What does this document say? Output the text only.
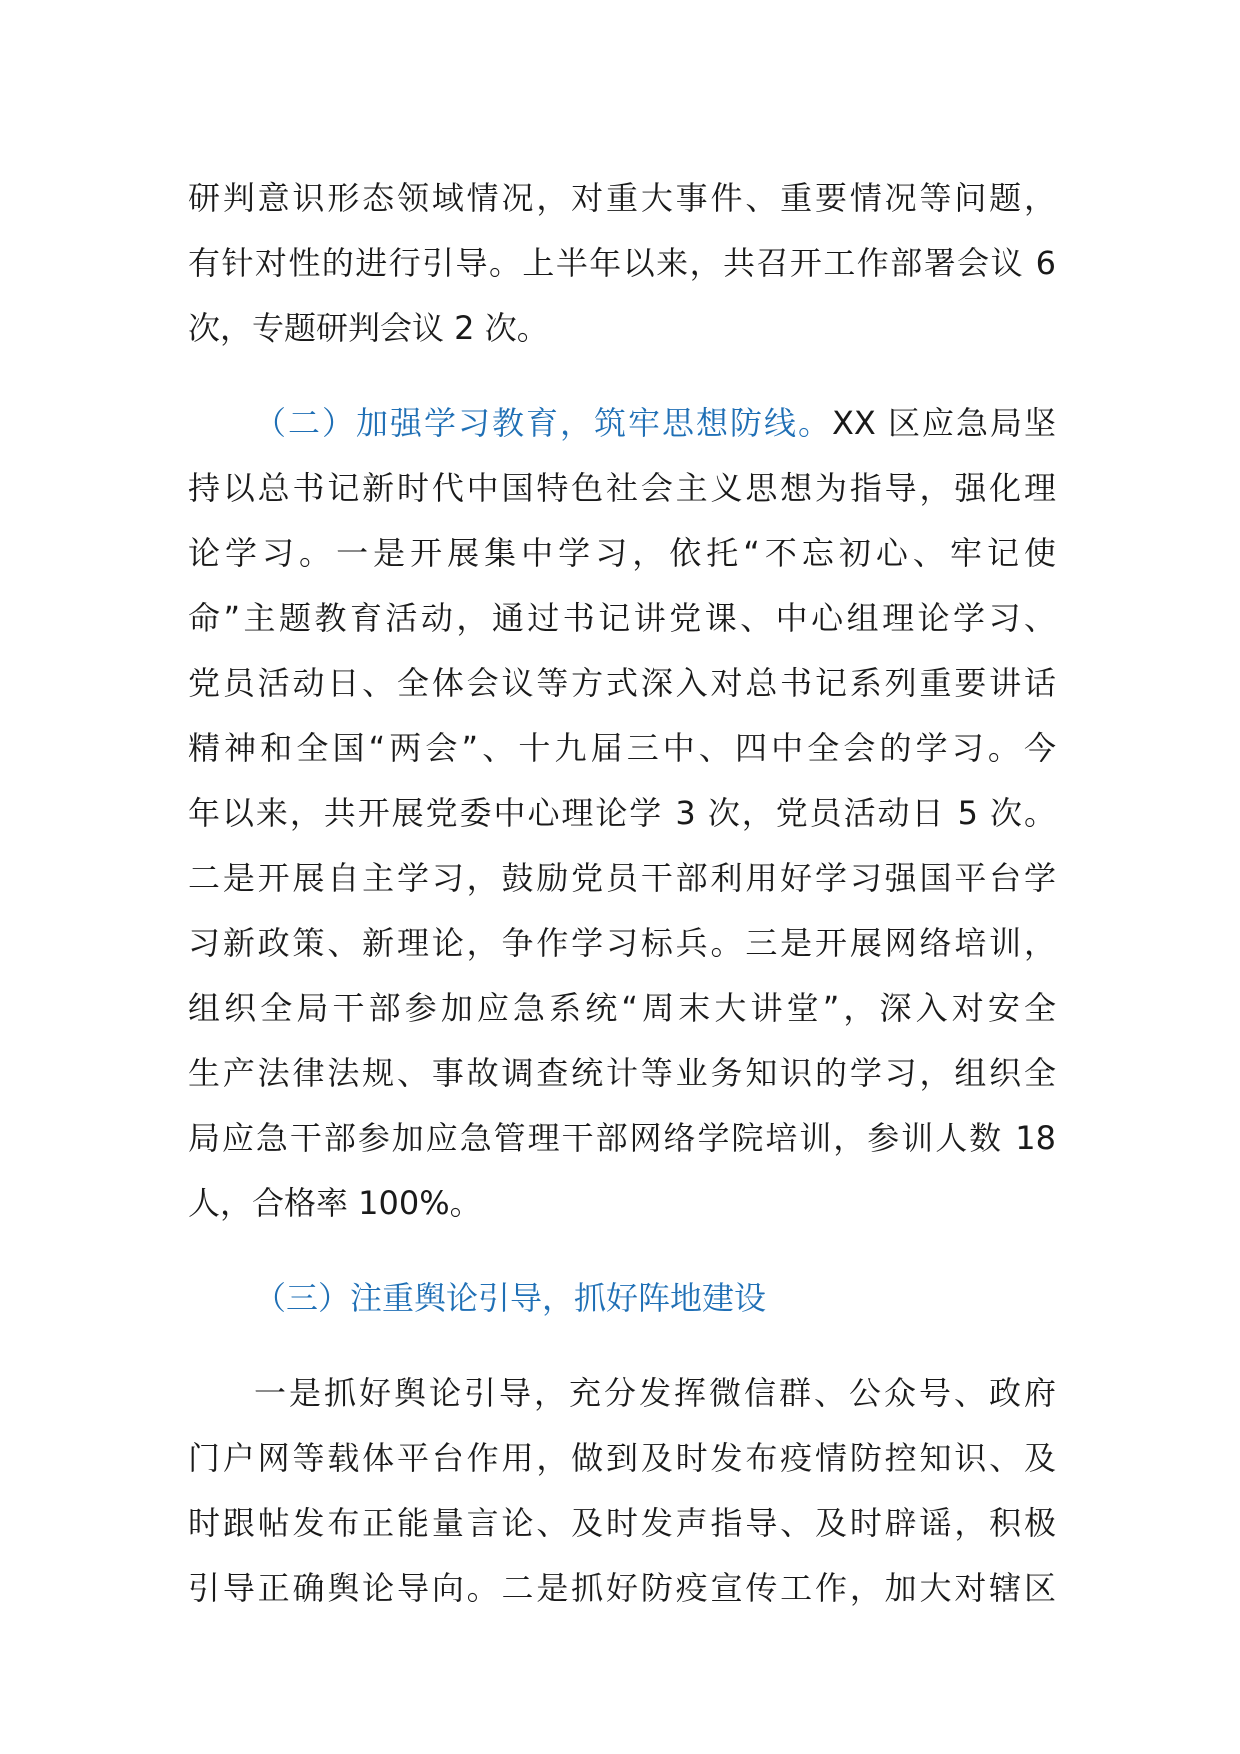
研判意识形态领域情况，对重大事件、重要情况等问题，
有针对性的进行引导。上半年以来，共召开工作部署会议 6
次，专题研判会议 2 次。
（二）加强学习教育，筑牢思想防线。XX 区应急局坚
持以总书记新时代中国特色社会主义思想为指导，强化理
论学习。一是开展集中学习，依托“不忘初心、牢记使
命”主题教育活动，通过书记讲党课、中心组理论学习、
党员活动日、全体会议等方式深入对总书记系列重要讲话
精神和全国“两会”、十九届三中、四中全会的学习。今
年以来，共开展党委中心理论学 3 次，党员活动日 5 次。
二是开展自主学习，鼓励党员干部利用好学习强国平台学
习新政策、新理论，争作学习标兵。三是开展网络培训，
组织全局干部参加应急系统“周末大讲堂”，深入对安全
生产法律法规、事故调查统计等业务知识的学习，组织全
局应急干部参加应急管理干部网络学院培训，参训人数 18
人，合格率 100%。
（三）注重舆论引导，抓好阵地建设
一是抓好舆论引导，充分发挥微信群、公众号、政府
门户网等载体平台作用，做到及时发布疫情防控知识、及
时跟帖发布正能量言论、及时发声指导、及时辟谣，积极
引导正确舆论导向。二是抓好防疫宣传工作，加大对辖区
